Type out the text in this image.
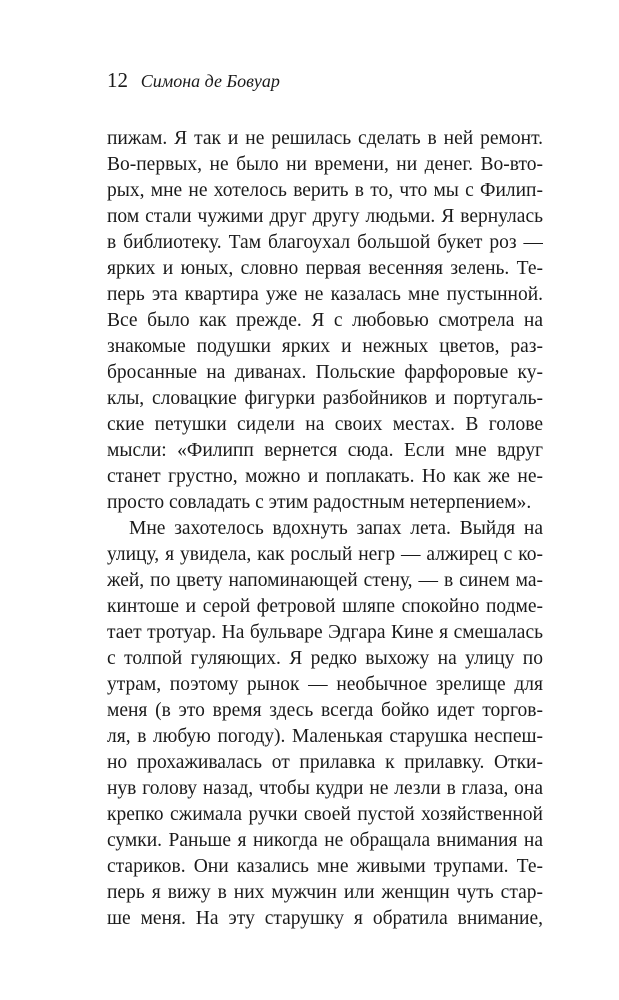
12 Симона де Бовуар
пижам. Я так и не решилась сделать в ней ремонт.
Во-первых, не было ни времени, ни денег. Во-вто-
рых, мне не хотелось верить в то, что мы с Филип-
пом стали чужими друг другу людьми. Я вернулась
в библиотеку. Там благоухал большой букет роз —
ярких и юных, словно первая весенняя зелень. Те-
перь эта квартира уже не казалась мне пустынной.
Все было как прежде. Я с любовью смотрела на
знакомые подушки ярких и нежных цветов, раз-
бросанные на диванах. Польские фарфоровые ку-
клы, словацкие фигурки разбойников и португаль-
ские петушки сидели на своих местах. В голове
мысли: «Филипп вернется сюда. Если мне вдруг
станет грустно, можно и поплакать. Но как же не-
просто совладать с этим радостным нетерпением».
Мне захотелось вдохнуть запах лета. Выйдя на
улицу, я увидела, как рослый негр — алжирец с ко-
жей, по цвету напоминающей стену, — в синем ма-
кинтоше и серой фетровой шляпе спокойно подме-
тает тротуар. На бульваре Эдгара Кине я смешалась
с толпой гуляющих. Я редко выхожу на улицу по
утрам, поэтому рынок — необычное зрелище для
меня (в это время здесь всегда бойко идет торгов-
ля, в любую погоду). Маленькая старушка неспеш-
но прохаживалась от прилавка к прилавку. Отки-
нув голову назад, чтобы кудри не лезли в глаза, она
крепко сжимала ручки своей пустой хозяйственной
сумки. Раньше я никогда не обращала внимания на
стариков. Они казались мне живыми трупами. Те-
перь я вижу в них мужчин или женщин чуть стар-
ше меня. На эту старушку я обратила внимание,
